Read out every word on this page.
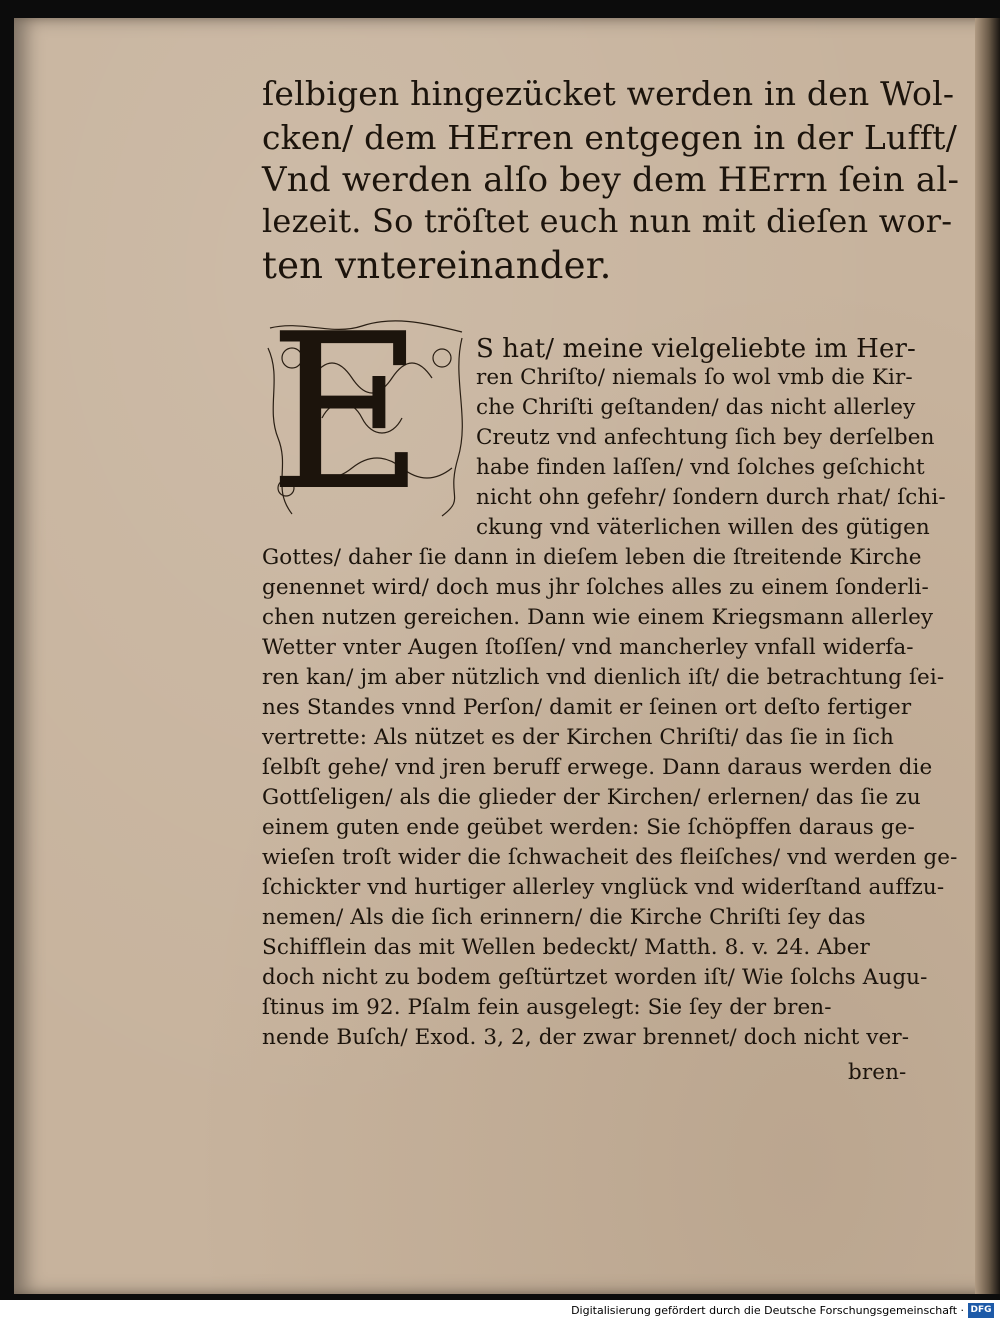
ſelbigen hingezücket werden in den Wol-
cken/ dem HErren entgegen in der Lufft/
Vnd werden alſo bey dem HErrn ſein al-
lezeit. So tröſtet euch nun mit dieſen wor-
ten vntereinander.
E S hat/ meine vielgeliebte im Her-
ren Chriſto/ niemals ſo wol vmb die Kir-
che Chriſti geſtanden/ das nicht allerley
Creutz vnd anfechtung ſich bey derſelben
habe finden laſſen/ vnd ſolches geſchicht
nicht ohn gefehr/ ſondern durch rhat/ ſchi-
ckung vnd väterlichen willen des gütigen
Gottes/ daher ſie dann in dieſem leben die ſtreitende Kirche
genennet wird/ doch mus jhr ſolches alles zu einem ſonderli-
chen nutzen gereichen. Dann wie einem Kriegsmann allerley
Wetter vnter Augen ſtoſſen/ vnd mancherley vnfall widerfa-
ren kan/ jm aber nützlich vnd dienlich iſt/ die betrachtung ſei-
nes Standes vnnd Perſon/ damit er ſeinen ort deſto fertiger
vertrette: Als nützet es der Kirchen Chriſti/ das ſie in ſich
ſelbſt gehe/ vnd jren beruff erwege. Dann daraus werden die
Gottſeligen/ als die glieder der Kirchen/ erlernen/ das ſie zu
einem guten ende geübet werden: Sie ſchöpffen daraus ge-
wieſen troſt wider die ſchwacheit des fleiſches/ vnd werden ge-
ſchickter vnd hurtiger allerley vnglück vnd widerſtand auffzu-
nemen/ Als die ſich erinnern/ die Kirche Chriſti ſey das
Schifflein das mit Wellen bedeckt/ Matth. 8. v. 24. Aber
doch nicht zu bodem geſtürtzet worden iſt/ Wie ſolchs Augu-
ſtinus im 92. Pſalm fein ausgelegt: Sie ſey der bren-
nende Buſch/ Exod. 3, 2, der zwar brennet/ doch nicht ver-
bren-
Digitalisierung gefördert durch die Deutsche Forschungsgemeinschaft · DFG
